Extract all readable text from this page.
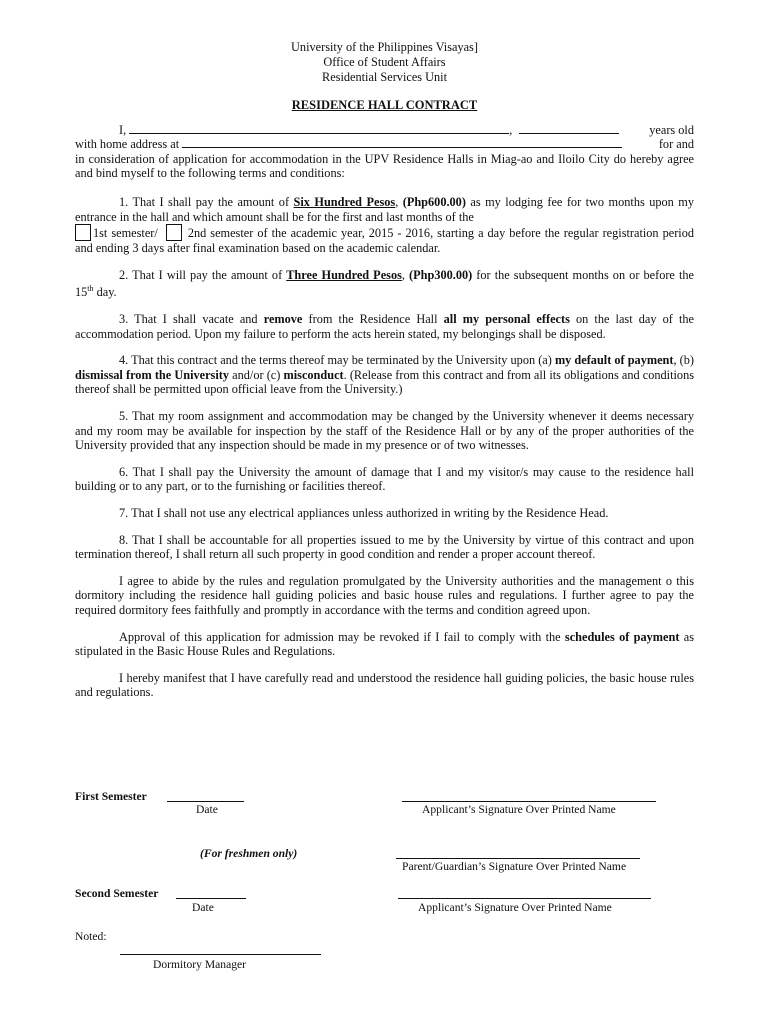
University of the Philippines Visayas]
Office of Student Affairs
Residential Services Unit
RESIDENCE HALL CONTRACT

I,	,	years old

with home address at	for and

in consideration of application for accommodation in the UPV Residence Halls in Miag-ao and Iloilo City do hereby agree and bind myself to the following terms and conditions:

1. That I shall pay the amount of Six Hundred Pesos, (Php600.00) as my lodging fee for two months upon my entrance in the hall and which amount shall be for the first and last months of the

1st semester/ 2nd semester of the academic year, 2015 - 2016, starting a day before the regular registration period and ending 3 days after final examination based on the academic calendar.

2. That I will pay the amount of Three Hundred Pesos, (Php300.00) for the subsequent months on or before the 15th day.

3. That I shall vacate and remove from the Residence Hall all my personal effects on the last day of the accommodation period. Upon my failure to perform the acts herein stated, my belongings shall be disposed.

4. That this contract and the terms thereof may be terminated by the University upon (a) my default of payment, (b) dismissal from the University and/or (c) misconduct. (Release from this contract and from all its obligations and conditions thereof shall be permitted upon official leave from the University.)

5. That my room assignment and accommodation may be changed by the University whenever it deems necessary and my room may be available for inspection by the staff of the Residence Hall or by any of the proper authorities of the University provided that any inspection should be made in my presence or of two witnesses.

6. That I shall pay the University the amount of damage that I and my visitor/s may cause to the residence hall building or to any part, or to the furnishing or facilities thereof.

7. That I shall not use any electrical appliances unless authorized in writing by the Residence Head.

8. That I shall be accountable for all properties issued to me by the University by virtue of this contract and upon termination thereof, I shall return all such property in good condition and render a proper account thereof.

I agree to abide by the rules and regulation promulgated by the University authorities and the management o this dormitory including the residence hall guiding policies and basic house rules and regulations. I further agree to pay the required dormitory fees faithfully and promptly in accordance with the terms and condition agreed upon.

Approval of this application for admission may be revoked if I fail to comply with the schedules of payment as stipulated in the Basic House Rules and Regulations.

I hereby manifest that I have carefully read and understood the residence hall guiding policies, the basic house rules and regulations.

First Semester
Date	Applicant’s Signature Over Printed Name
(For freshmen only)
Parent/Guardian’s Signature Over Printed Name
Second Semester
Date	Applicant’s Signature Over Printed Name
Noted:
Dormitory Manager
